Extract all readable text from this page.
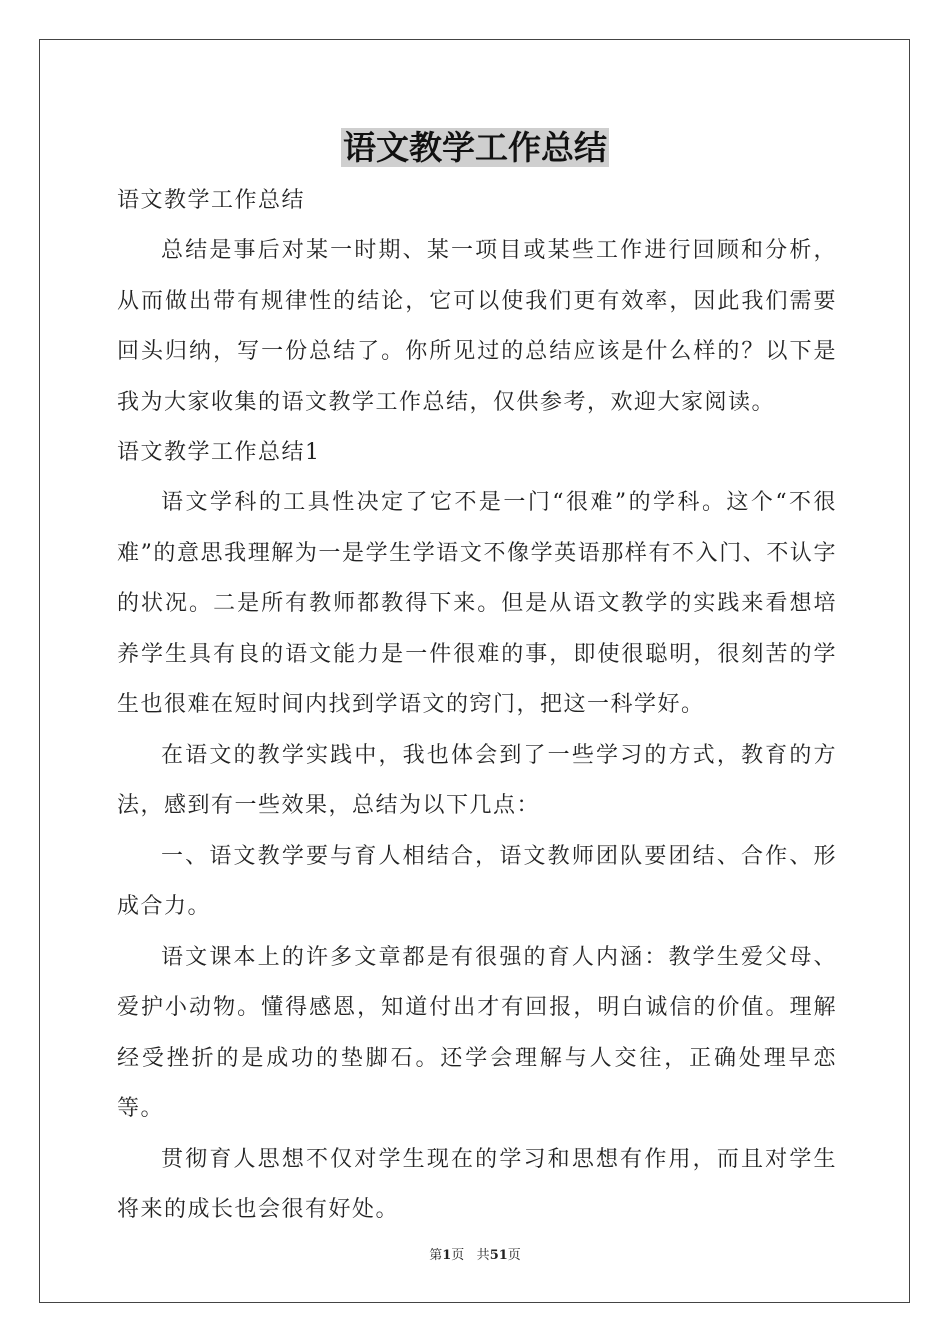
语文教学工作总结

语文教学工作总结

总结是事后对某一时期、某一项目或某些工作进行回顾和分析，从而做出带有规律性的结论，它可以使我们更有效率，因此我们需要回头归纳，写一份总结了。你所见过的总结应该是什么样的？以下是我为大家收集的语文教学工作总结，仅供参考，欢迎大家阅读。

语文教学工作总结1

语文学科的工具性决定了它不是一门“很难”的学科。这个“不很难”的意思我理解为一是学生学语文不像学英语那样有不入门、不认字的状况。二是所有教师都教得下来。但是从语文教学的实践来看想培养学生具有良的语文能力是一件很难的事，即使很聪明，很刻苦的学生也很难在短时间内找到学语文的窍门，把这一科学好。

在语文的教学实践中，我也体会到了一些学习的方式，教育的方法，感到有一些效果，总结为以下几点：

一、语文教学要与育人相结合，语文教师团队要团结、合作、形成合力。

语文课本上的许多文章都是有很强的育人内涵：教学生爱父母、爱护小动物。懂得感恩，知道付出才有回报，明白诚信的价值。理解经受挫折的是成功的垫脚石。还学会理解与人交往，正确处理早恋等。

贯彻育人思想不仅对学生现在的学习和思想有作用，而且对学生将来的成长也会很有好处。

第1页 共51页
